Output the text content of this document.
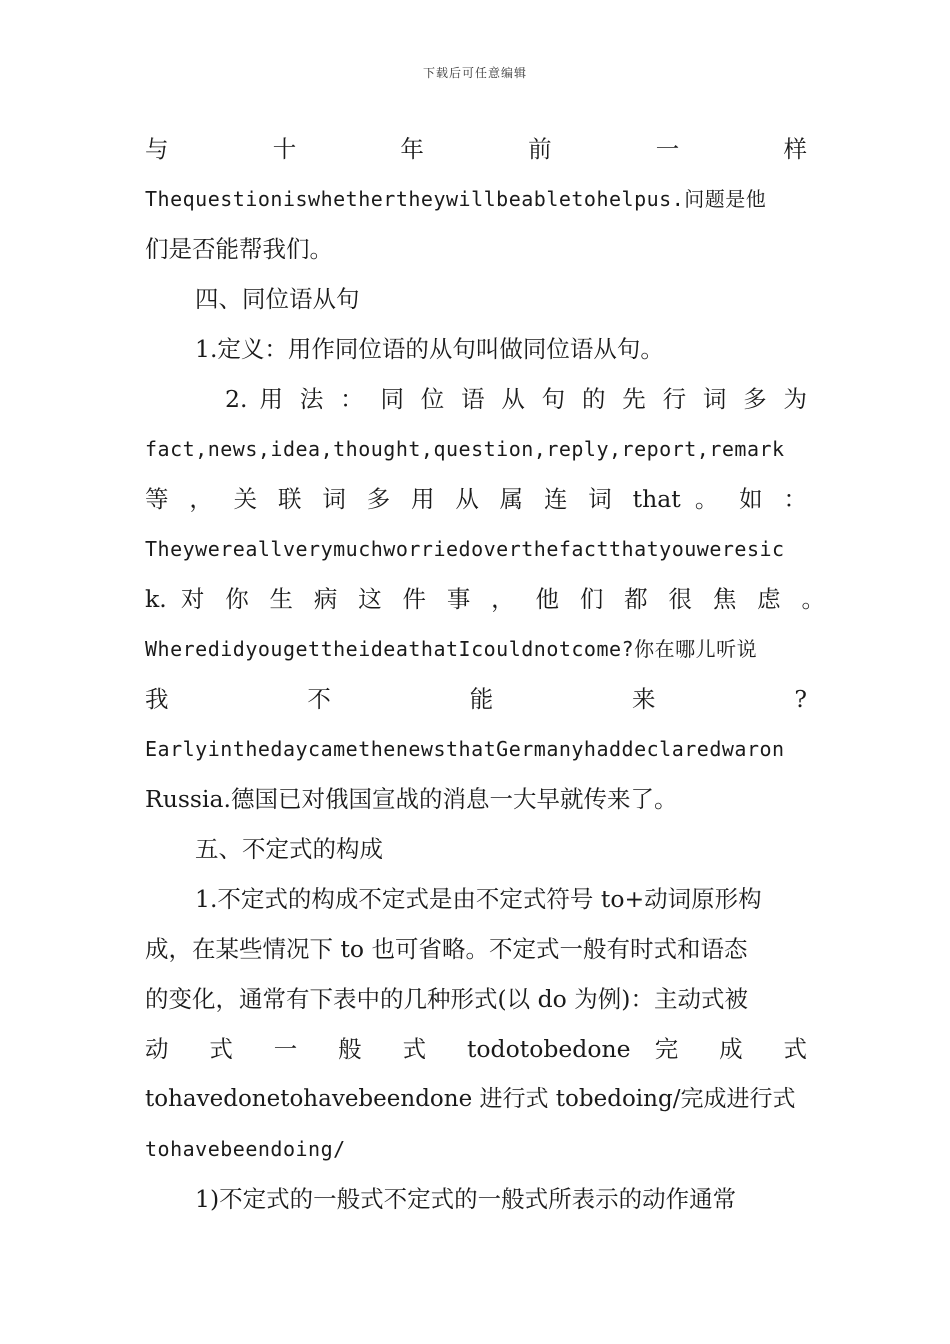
下载后可任意编辑
与 十 年 前 一 样
Thequestioniswhethertheywillbeabletohelpus.问题是他
们是否能帮我们。
四、同位语从句
1.定义：用作同位语的从句叫做同位语从句。
2. 用 法 ： 同 位 语 从 句 的 先 行 词 多 为
fact,news,idea,thought,question,reply,report,remark
等 ， 关 联 词 多 用 从 属 连 词 that 。 如 ：
Theywereallverymuchworriedoverthefactthatyouweresic
k. 对 你 生 病 这 件 事 ， 他 们 都 很 焦 虑 。
WheredidyougettheideathatIcouldnotcome?你在哪儿听说
我 不 能 来 ?
EarlyinthedaycamethenewsthatGermanyhaddeclaredwaron
Russia.德国已对俄国宣战的消息一大早就传来了。
五、不定式的构成
1.不定式的构成不定式是由不定式符号 to+动词原形构
成，在某些情况下 to 也可省略。不定式一般有时式和语态
的变化，通常有下表中的几种形式(以 do 为例)：主动式被
动 式 一 般 式 todotobedone 完 成 式
tohavedonetohavebeendone 进行式 tobedoing/完成进行式
tohavebeendoing/
1)不定式的一般式不定式的一般式所表示的动作通常
